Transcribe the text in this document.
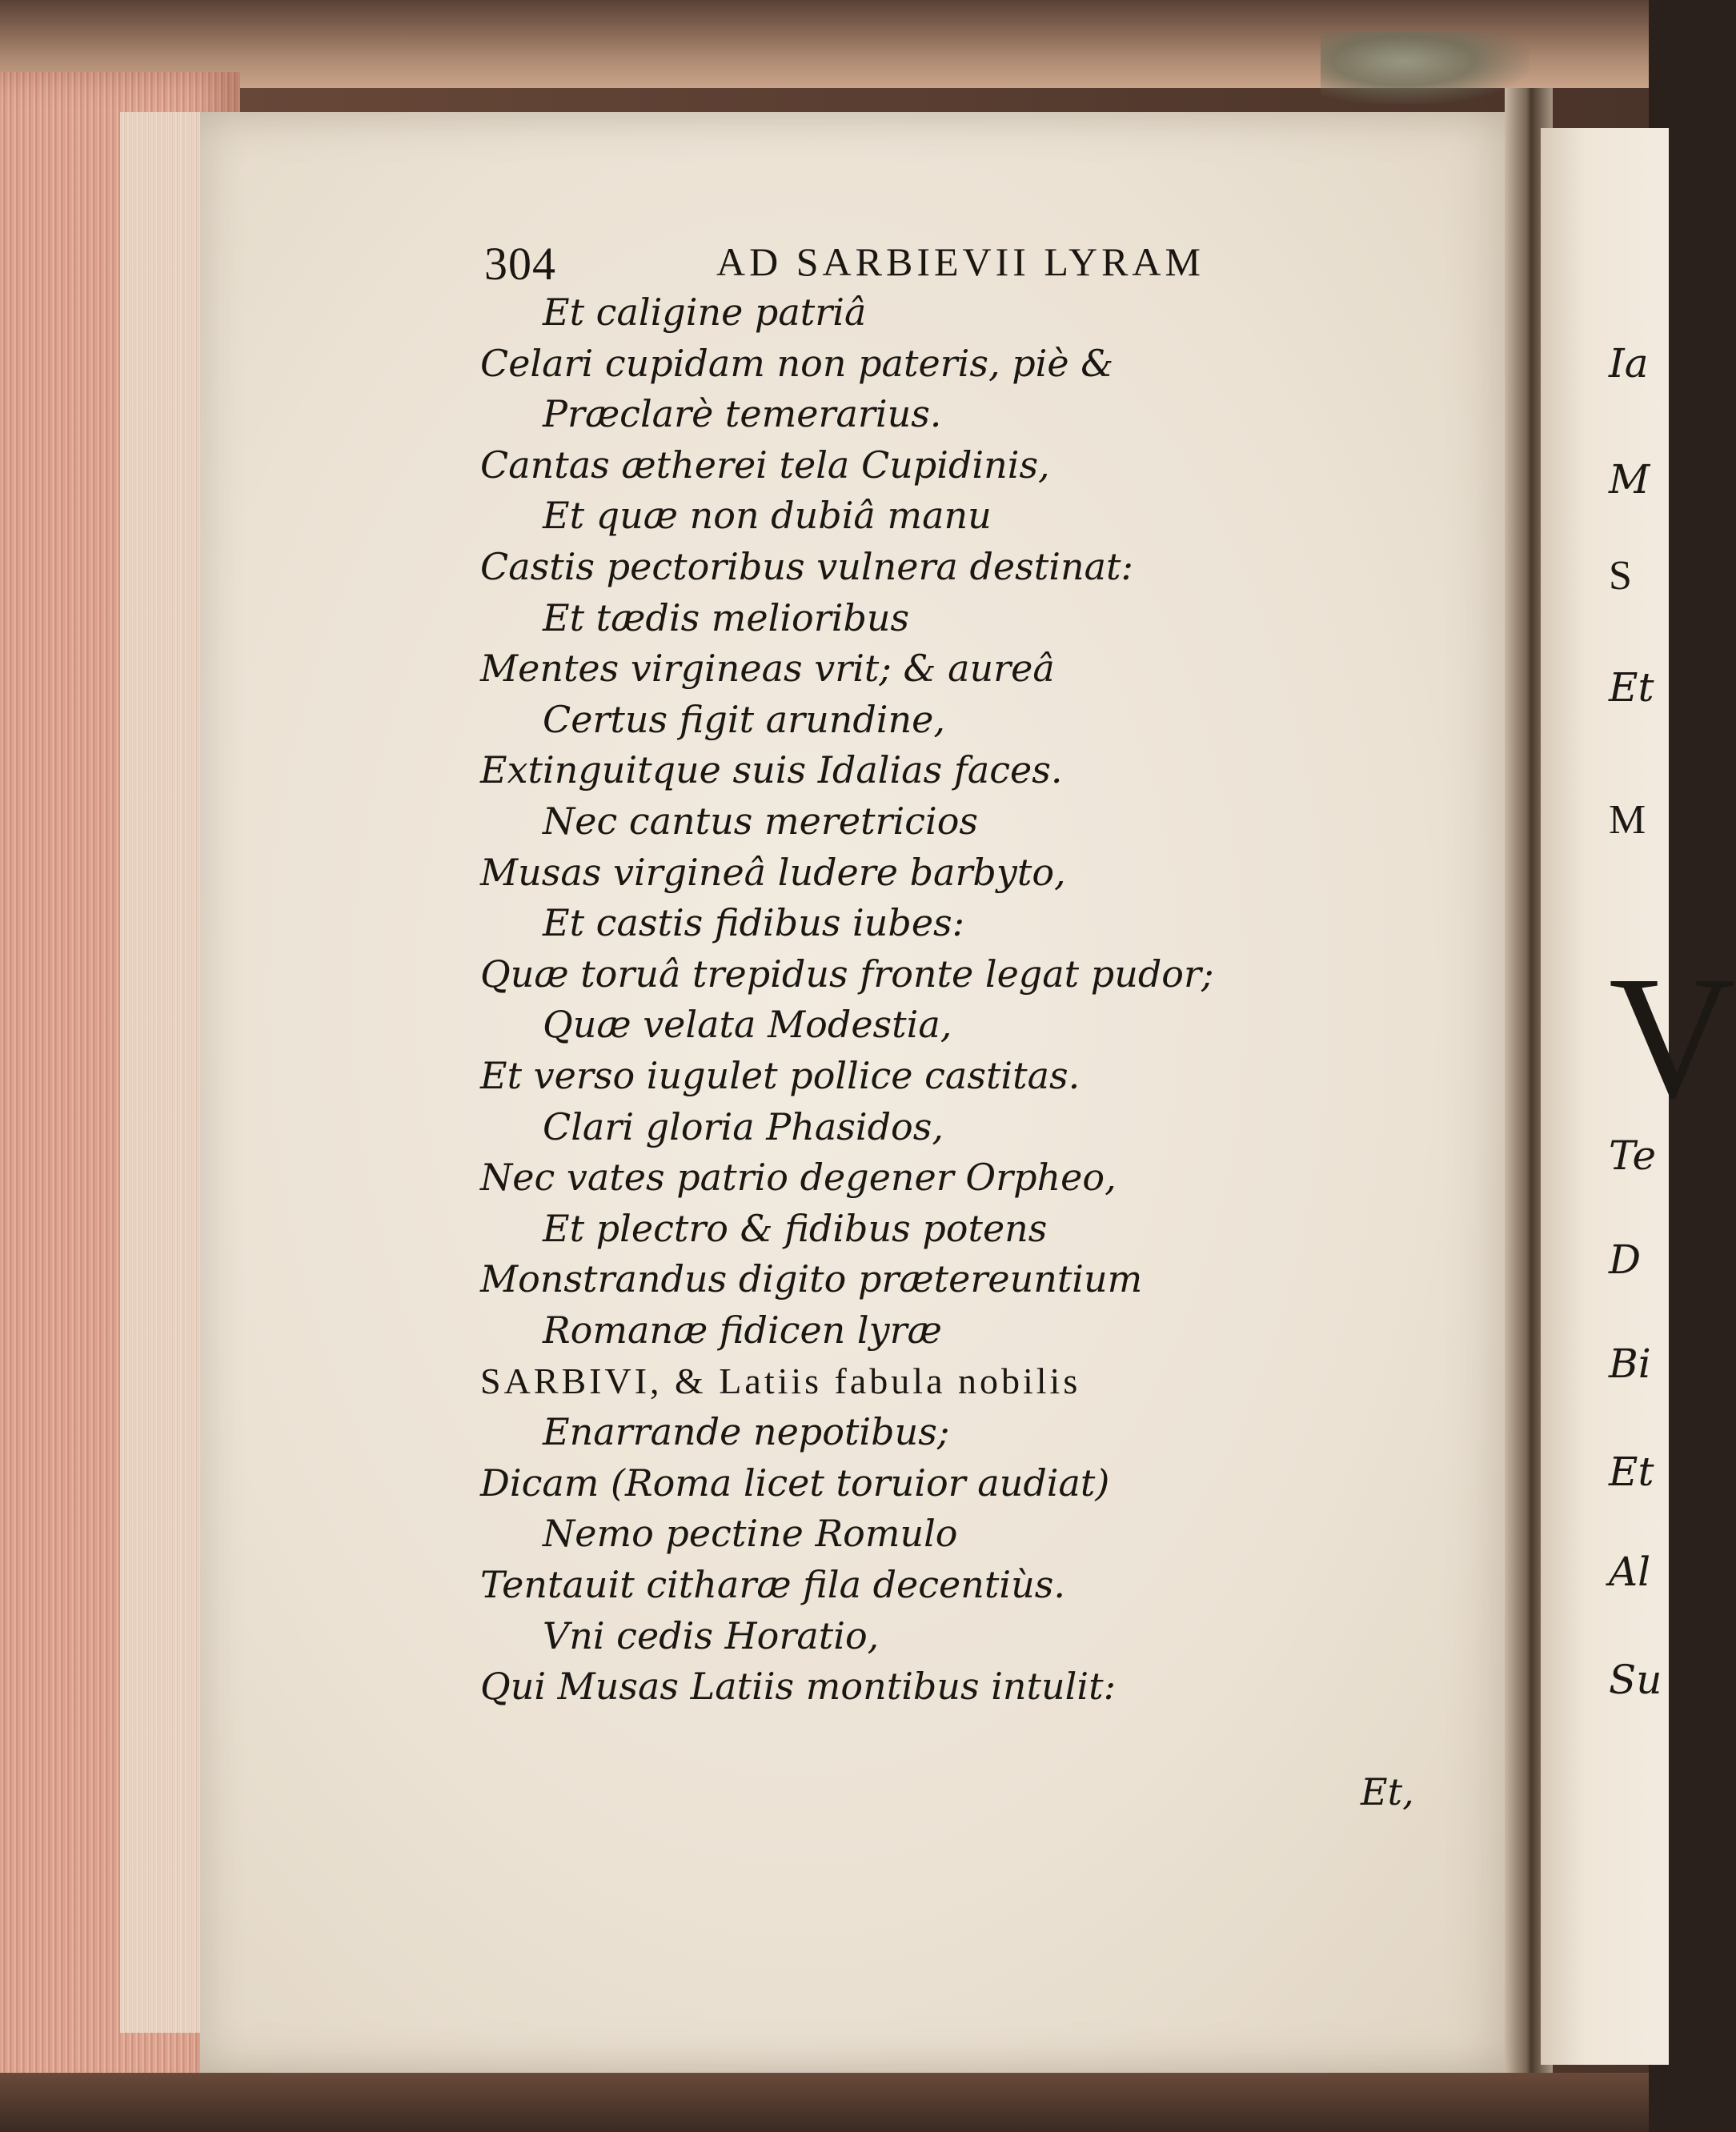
Ia
M
S
Et
M
V
Te
D
Bi
Et
Al
Su
304	AD SARBIEVII LYRAM
Et caligine patriâ
Celari cupidam non pateris, piè &
Præclarè temerarius.
Cantas ætherei tela Cupidinis,
Et quæ non dubiâ manu
Castis pectoribus vulnera destinat:
Et tædis melioribus
Mentes virgineas vrit; & aureâ
Certus figit arundine,
Extinguitque suis Idalias faces.
Nec cantus meretricios
Musas virgineâ ludere barbyto,
Et castis fidibus iubes:
Quæ toruâ trepidus fronte legat pudor;
Quæ velata Modestia,
Et verso iugulet pollice castitas.
Clari gloria Phasidos,
Nec vates patrio degener Orpheo,
Et plectro & fidibus potens
Monstrandus digito prætereuntium
Romanæ fidicen lyræ
SARBIVI, & Latiis fabula nobilis
Enarrande nepotibus;
Dicam (Roma licet toruior audiat)
Nemo pectine Romulo
Tentauit citharæ fila decentiùs.
Vni cedis Horatio,
Qui Musas Latiis montibus intulit:
Et,
